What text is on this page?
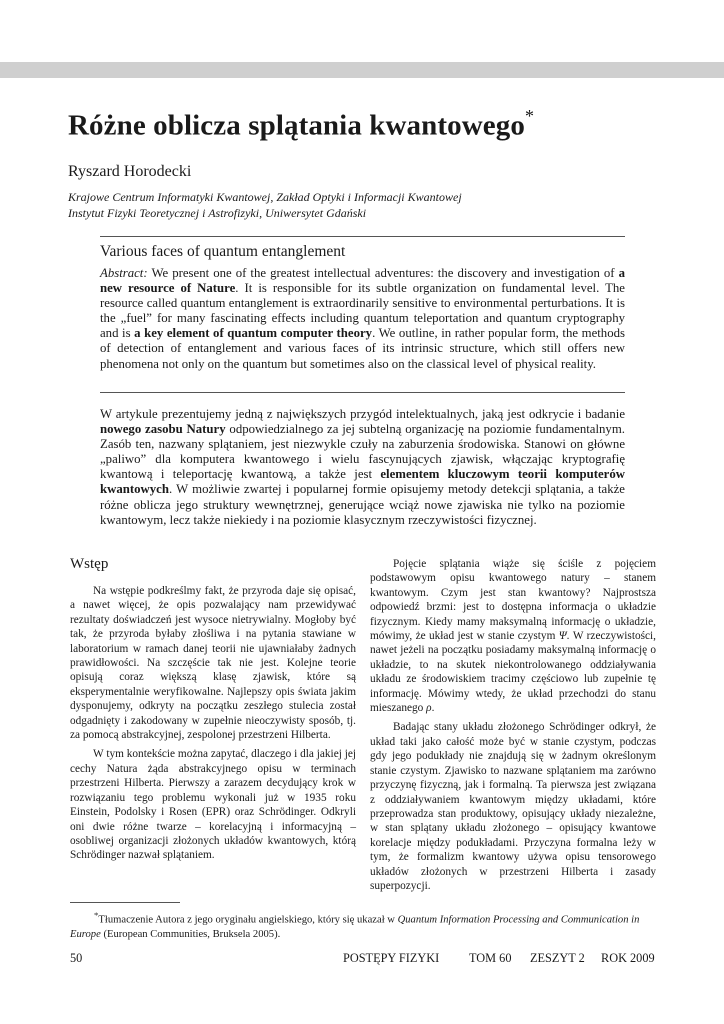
Różne oblicza splątania kwantowego*
Ryszard Horodecki
Krajowe Centrum Informatyki Kwantowej, Zakład Optyki i Informacji Kwantowej
Instytut Fizyki Teoretycznej i Astrofizyki, Uniwersytet Gdański
Various faces of quantum entanglement

Abstract: We present one of the greatest intellectual adventures: the discovery and investigation of a new resource of Nature. It is responsible for its subtle organization on fundamental level. The resource called quantum entanglement is extraordinarily sensitive to environmental perturbations. It is the „fuel” for many fascinating effects including quantum teleportation and quantum cryptography and is a key element of quantum computer theory. We outline, in rather popular form, the methods of detection of entanglement and various faces of its intrinsic structure, which still offers new phenomena not only on the quantum but sometimes also on the classical level of physical reality.

W artykule prezentujemy jedną z największych przygód intelektualnych, jaką jest odkrycie i badanie nowego zasobu Natury odpowiedzialnego za jej subtelną organizację na poziomie fundamentalnym. Zasób ten, nazwany splątaniem, jest niezwykle czuły na zaburzenia środowiska. Stanowi on główne „paliwo” dla komputera kwantowego i wielu fascynujących zjawisk, włączając kryptografię kwantową i teleportację kwantową, a także jest elementem kluczowym teorii komputerów kwantowych. W możliwie zwartej i popularnej formie opisujemy metody detekcji splątania, a także różne oblicza jego struktury wewnętrznej, generujące wciąż nowe zjawiska nie tylko na poziomie kwantowym, lecz także niekiedy i na poziomie klasycznym rzeczywistości fizycznej.

Wstęp

Na wstępie podkreślmy fakt, że przyroda daje się opisać, a nawet więcej, że opis pozwalający nam przewidywać rezultaty doświadczeń jest wysoce nietrywialny. Mogłoby być tak, że przyroda byłaby złośliwa i na pytania stawiane w laboratorium w ramach danej teorii nie ujawniałaby żadnych prawidłowości. Na szczęście tak nie jest. Kolejne teorie opisują coraz większą klasę zjawisk, które są eksperymentalnie weryfikowalne. Najlepszy opis świata jakim dysponujemy, odkryty na początku zeszłego stulecia został odgadnięty i zakodowany w zupełnie nieoczywisty sposób, tj. za pomocą abstrakcyjnej, zespolonej przestrzeni Hilberta.

W tym kontekście można zapytać, dlaczego i dla jakiej jej cechy Natura żąda abstrakcyjnego opisu w terminach przestrzeni Hilberta. Pierwszy a zarazem decydujący krok w rozwiązaniu tego problemu wykonali już w 1935 roku Einstein, Podolsky i Rosen (EPR) oraz Schrödinger. Odkryli oni dwie różne twarze – korelacyjną i informacyjną – osobliwej organizacji złożonych układów kwantowych, którą Schrödinger nazwał splątaniem.

Pojęcie splątania wiąże się ściśle z pojęciem podstawowym opisu kwantowego natury – stanem kwantowym. Czym jest stan kwantowy? Najprostsza odpowiedź brzmi: jest to dostępna informacja o układzie fizycznym. Kiedy mamy maksymalną informację o układzie, mówimy, że układ jest w stanie czystym Ψ. W rzeczywistości, nawet jeżeli na początku posiadamy maksymalną informację o układzie, to na skutek niekontrolowanego oddziaływania układu ze środowiskiem tracimy częściowo lub zupełnie tę informację. Mówimy wtedy, że układ przechodzi do stanu mieszanego ρ.

Badając stany układu złożonego Schrödinger odkrył, że układ taki jako całość może być w stanie czystym, podczas gdy jego podukłady nie znajdują się w żadnym określonym stanie czystym. Zjawisko to nazwane splątaniem ma zarówno przyczynę fizyczną, jak i formalną. Ta pierwsza jest związana z oddziaływaniem kwantowym między układami, które przeprowadza stan produktowy, opisujący układy niezależne, w stan splątany układu złożonego – opisujący kwantowe korelacje między podukładami. Przyczyna formalna leży w tym, że formalizm kwantowy używa opisu tensorowego układów złożonych w przestrzeni Hilberta i zasady superpozycji.

*Tłumaczenie Autora z jego oryginału angielskiego, który się ukazał w Quantum Information Processing and Communication in Europe (European Communities, Bruksela 2005).

50	POSTĘPY FIZYKI TOM 60 ZESZYT 2 ROK 2009
